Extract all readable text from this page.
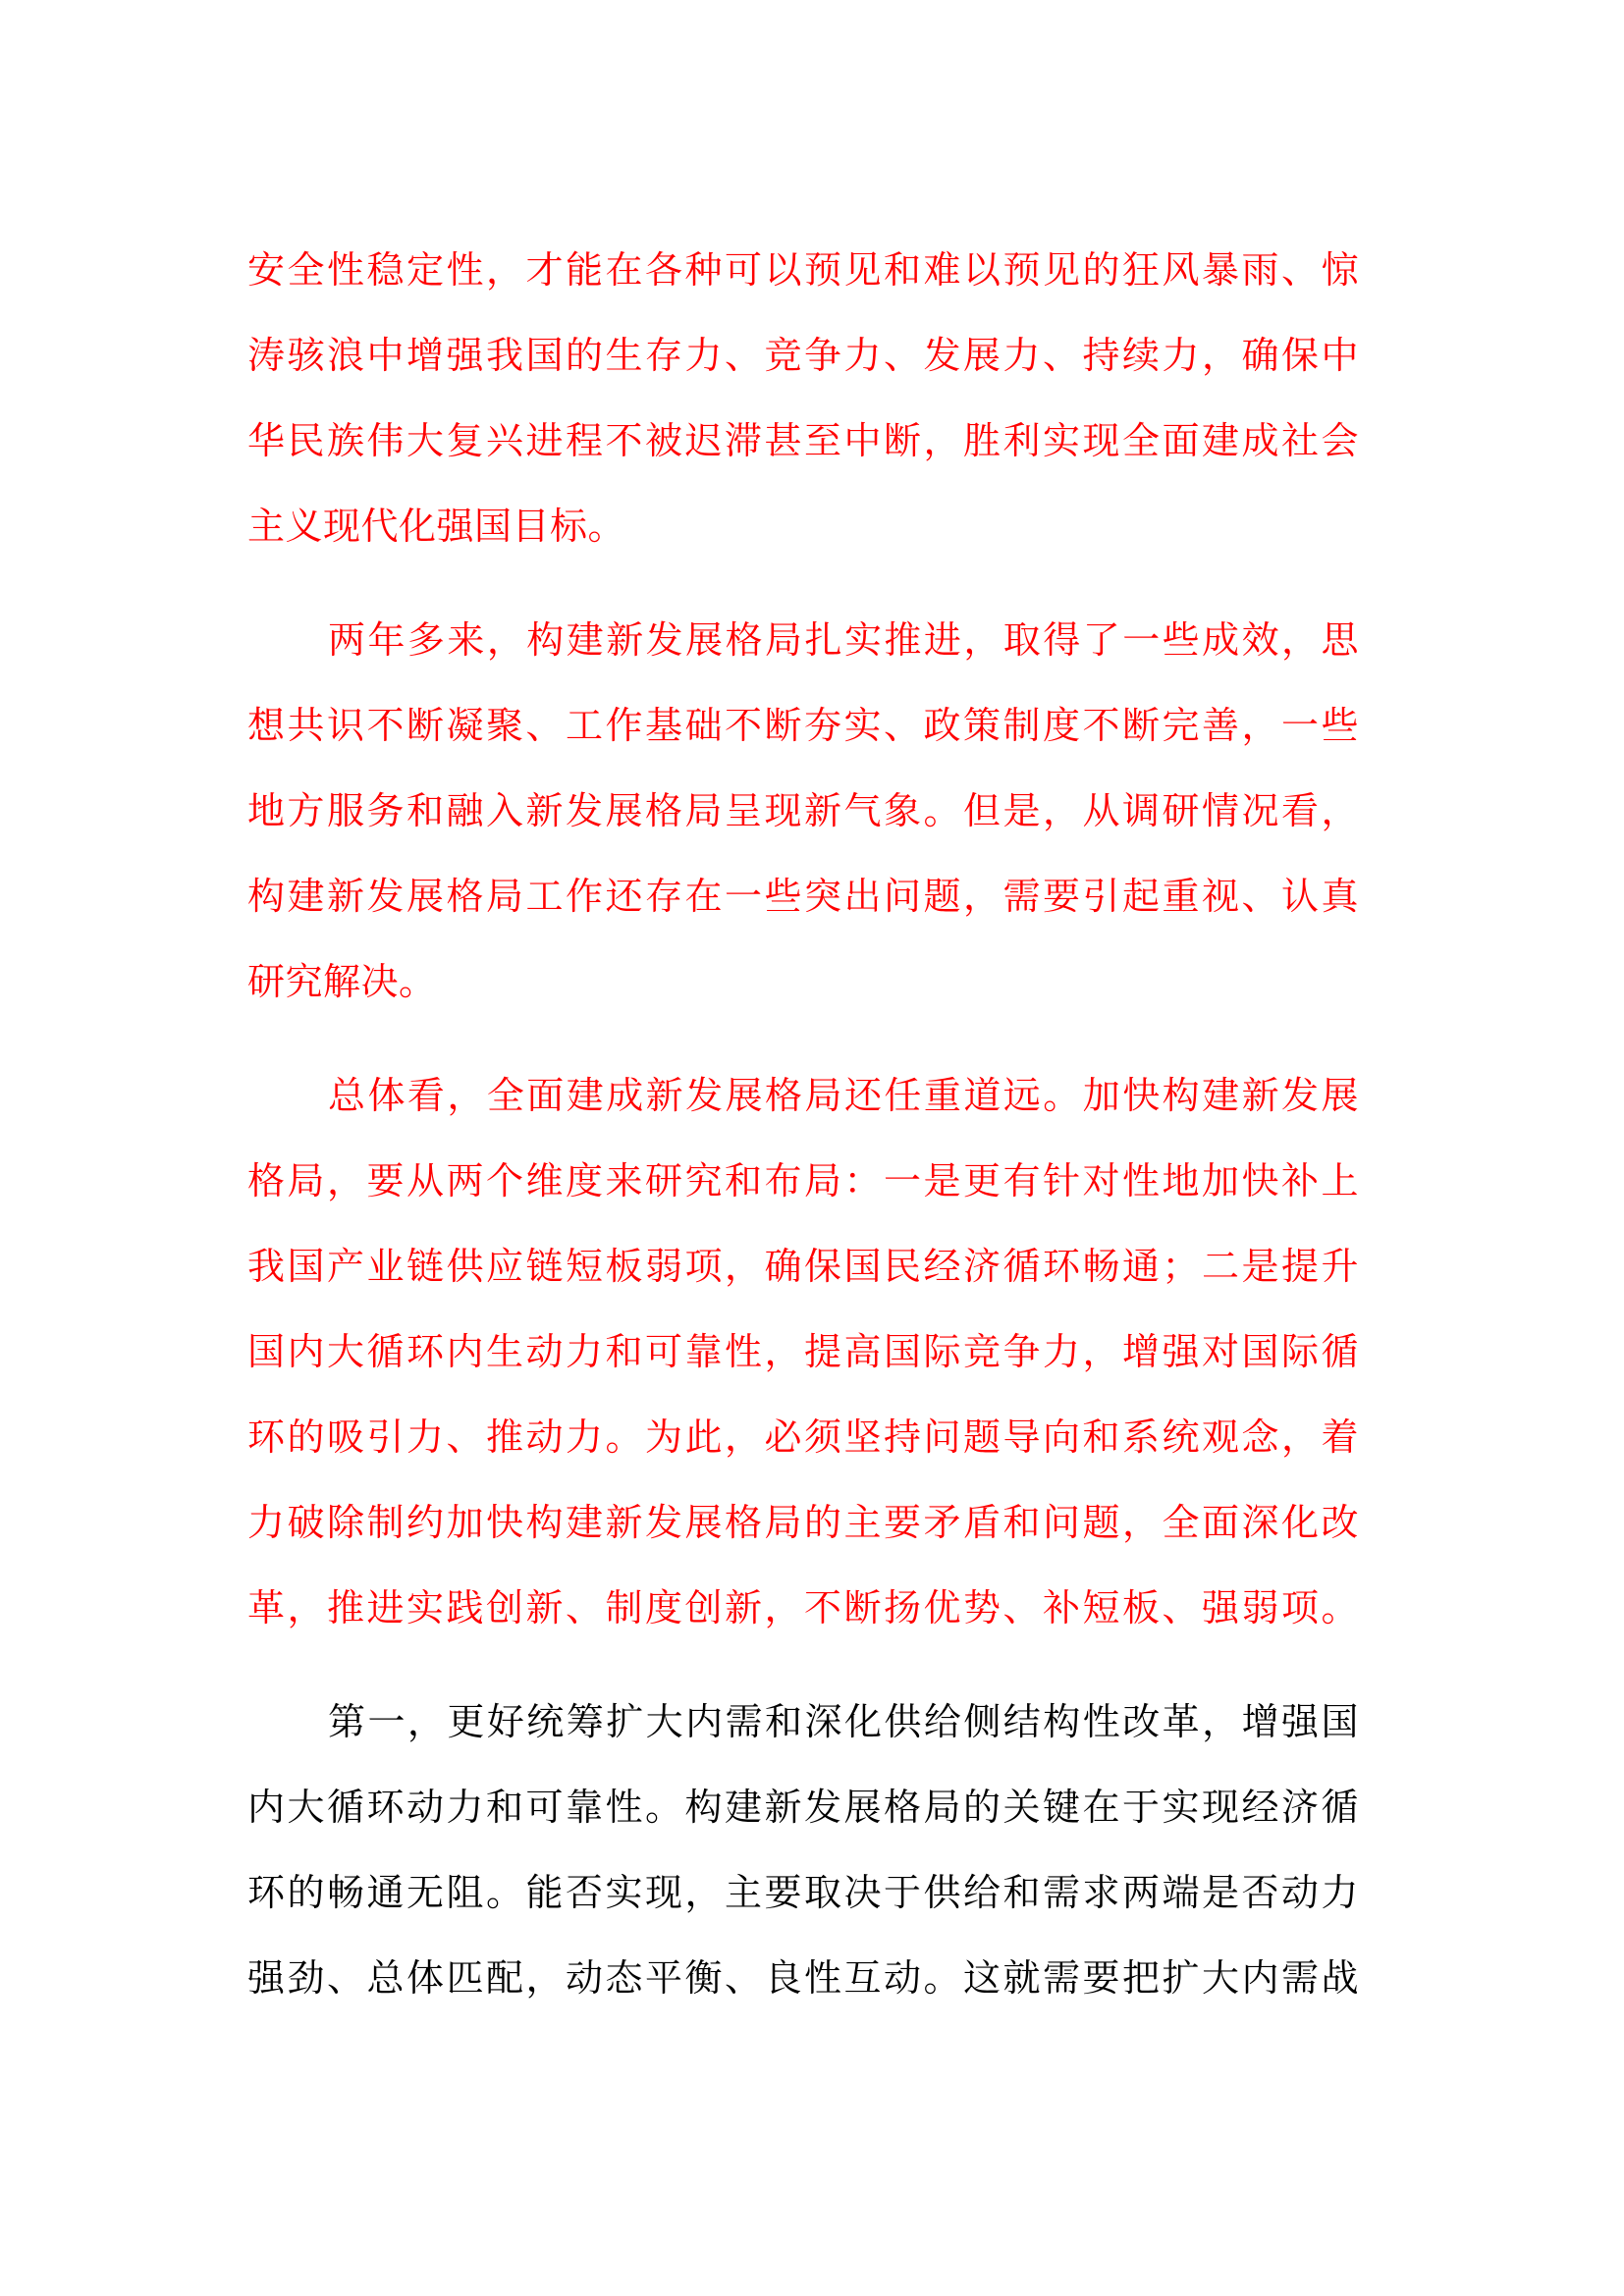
安全性稳定性，才能在各种可以预见和难以预见的狂风暴雨、惊
涛骇浪中增强我国的生存力、竞争力、发展力、持续力，确保中
华民族伟大复兴进程不被迟滞甚至中断，胜利实现全面建成社会
主义现代化强国目标。
两年多来，构建新发展格局扎实推进，取得了一些成效，思
想共识不断凝聚、工作基础不断夯实、政策制度不断完善，一些
地方服务和融入新发展格局呈现新气象。但是，从调研情况看，
构建新发展格局工作还存在一些突出问题，需要引起重视、认真
研究解决。
总体看，全面建成新发展格局还任重道远。加快构建新发展
格局，要从两个维度来研究和布局：一是更有针对性地加快补上
我国产业链供应链短板弱项，确保国民经济循环畅通；二是提升
国内大循环内生动力和可靠性，提高国际竞争力，增强对国际循
环的吸引力、推动力。为此，必须坚持问题导向和系统观念，着
力破除制约加快构建新发展格局的主要矛盾和问题，全面深化改
革，推进实践创新、制度创新，不断扬优势、补短板、强弱项。
第一，更好统筹扩大内需和深化供给侧结构性改革，增强国
内大循环动力和可靠性。构建新发展格局的关键在于实现经济循
环的畅通无阻。能否实现，主要取决于供给和需求两端是否动力
强劲、总体匹配，动态平衡、良性互动。这就需要把扩大内需战
